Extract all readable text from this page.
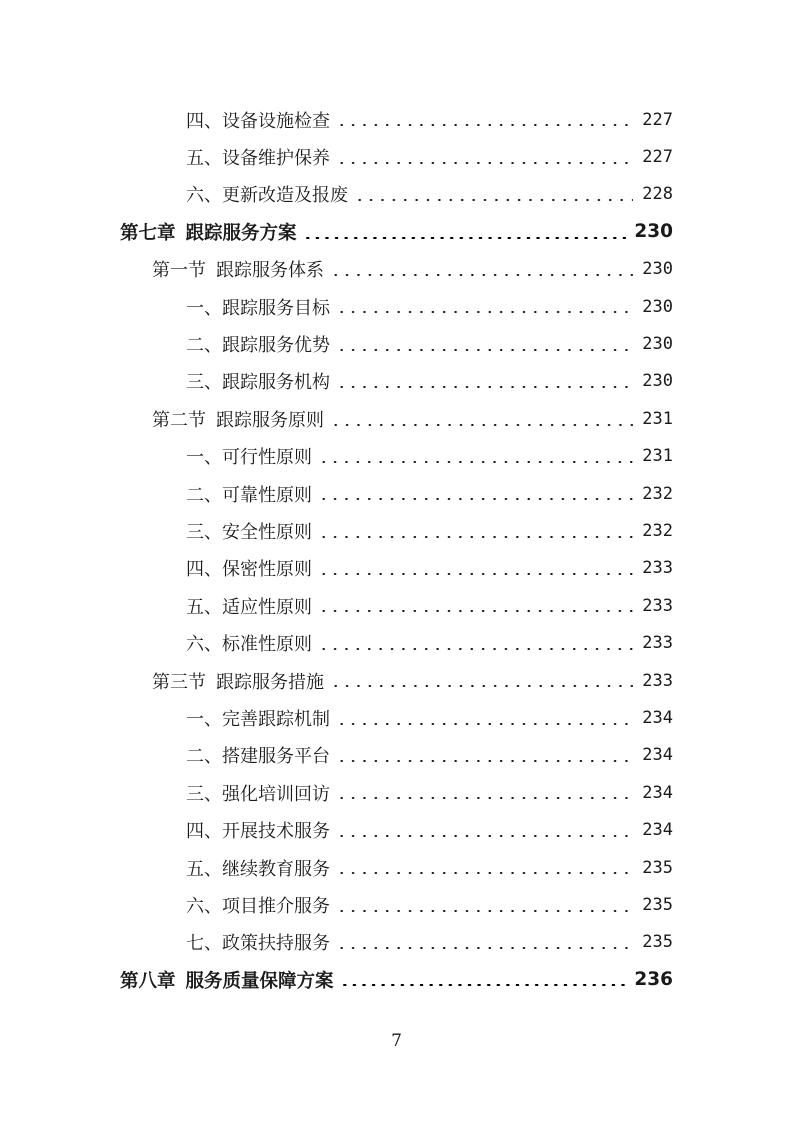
四、设备设施检查	227
五、设备维护保养	227
六、更新改造及报废	228
第七章 跟踪服务方案	230
第一节 跟踪服务体系	230
一、跟踪服务目标	230
二、跟踪服务优势	230
三、跟踪服务机构	230
第二节 跟踪服务原则	231
一、可行性原则	231
二、可靠性原则	232
三、安全性原则	232
四、保密性原则	233
五、适应性原则	233
六、标准性原则	233
第三节 跟踪服务措施	233
一、完善跟踪机制	234
二、搭建服务平台	234
三、强化培训回访	234
四、开展技术服务	234
五、继续教育服务	235
六、项目推介服务	235
七、政策扶持服务	235
第八章 服务质量保障方案	236
7
